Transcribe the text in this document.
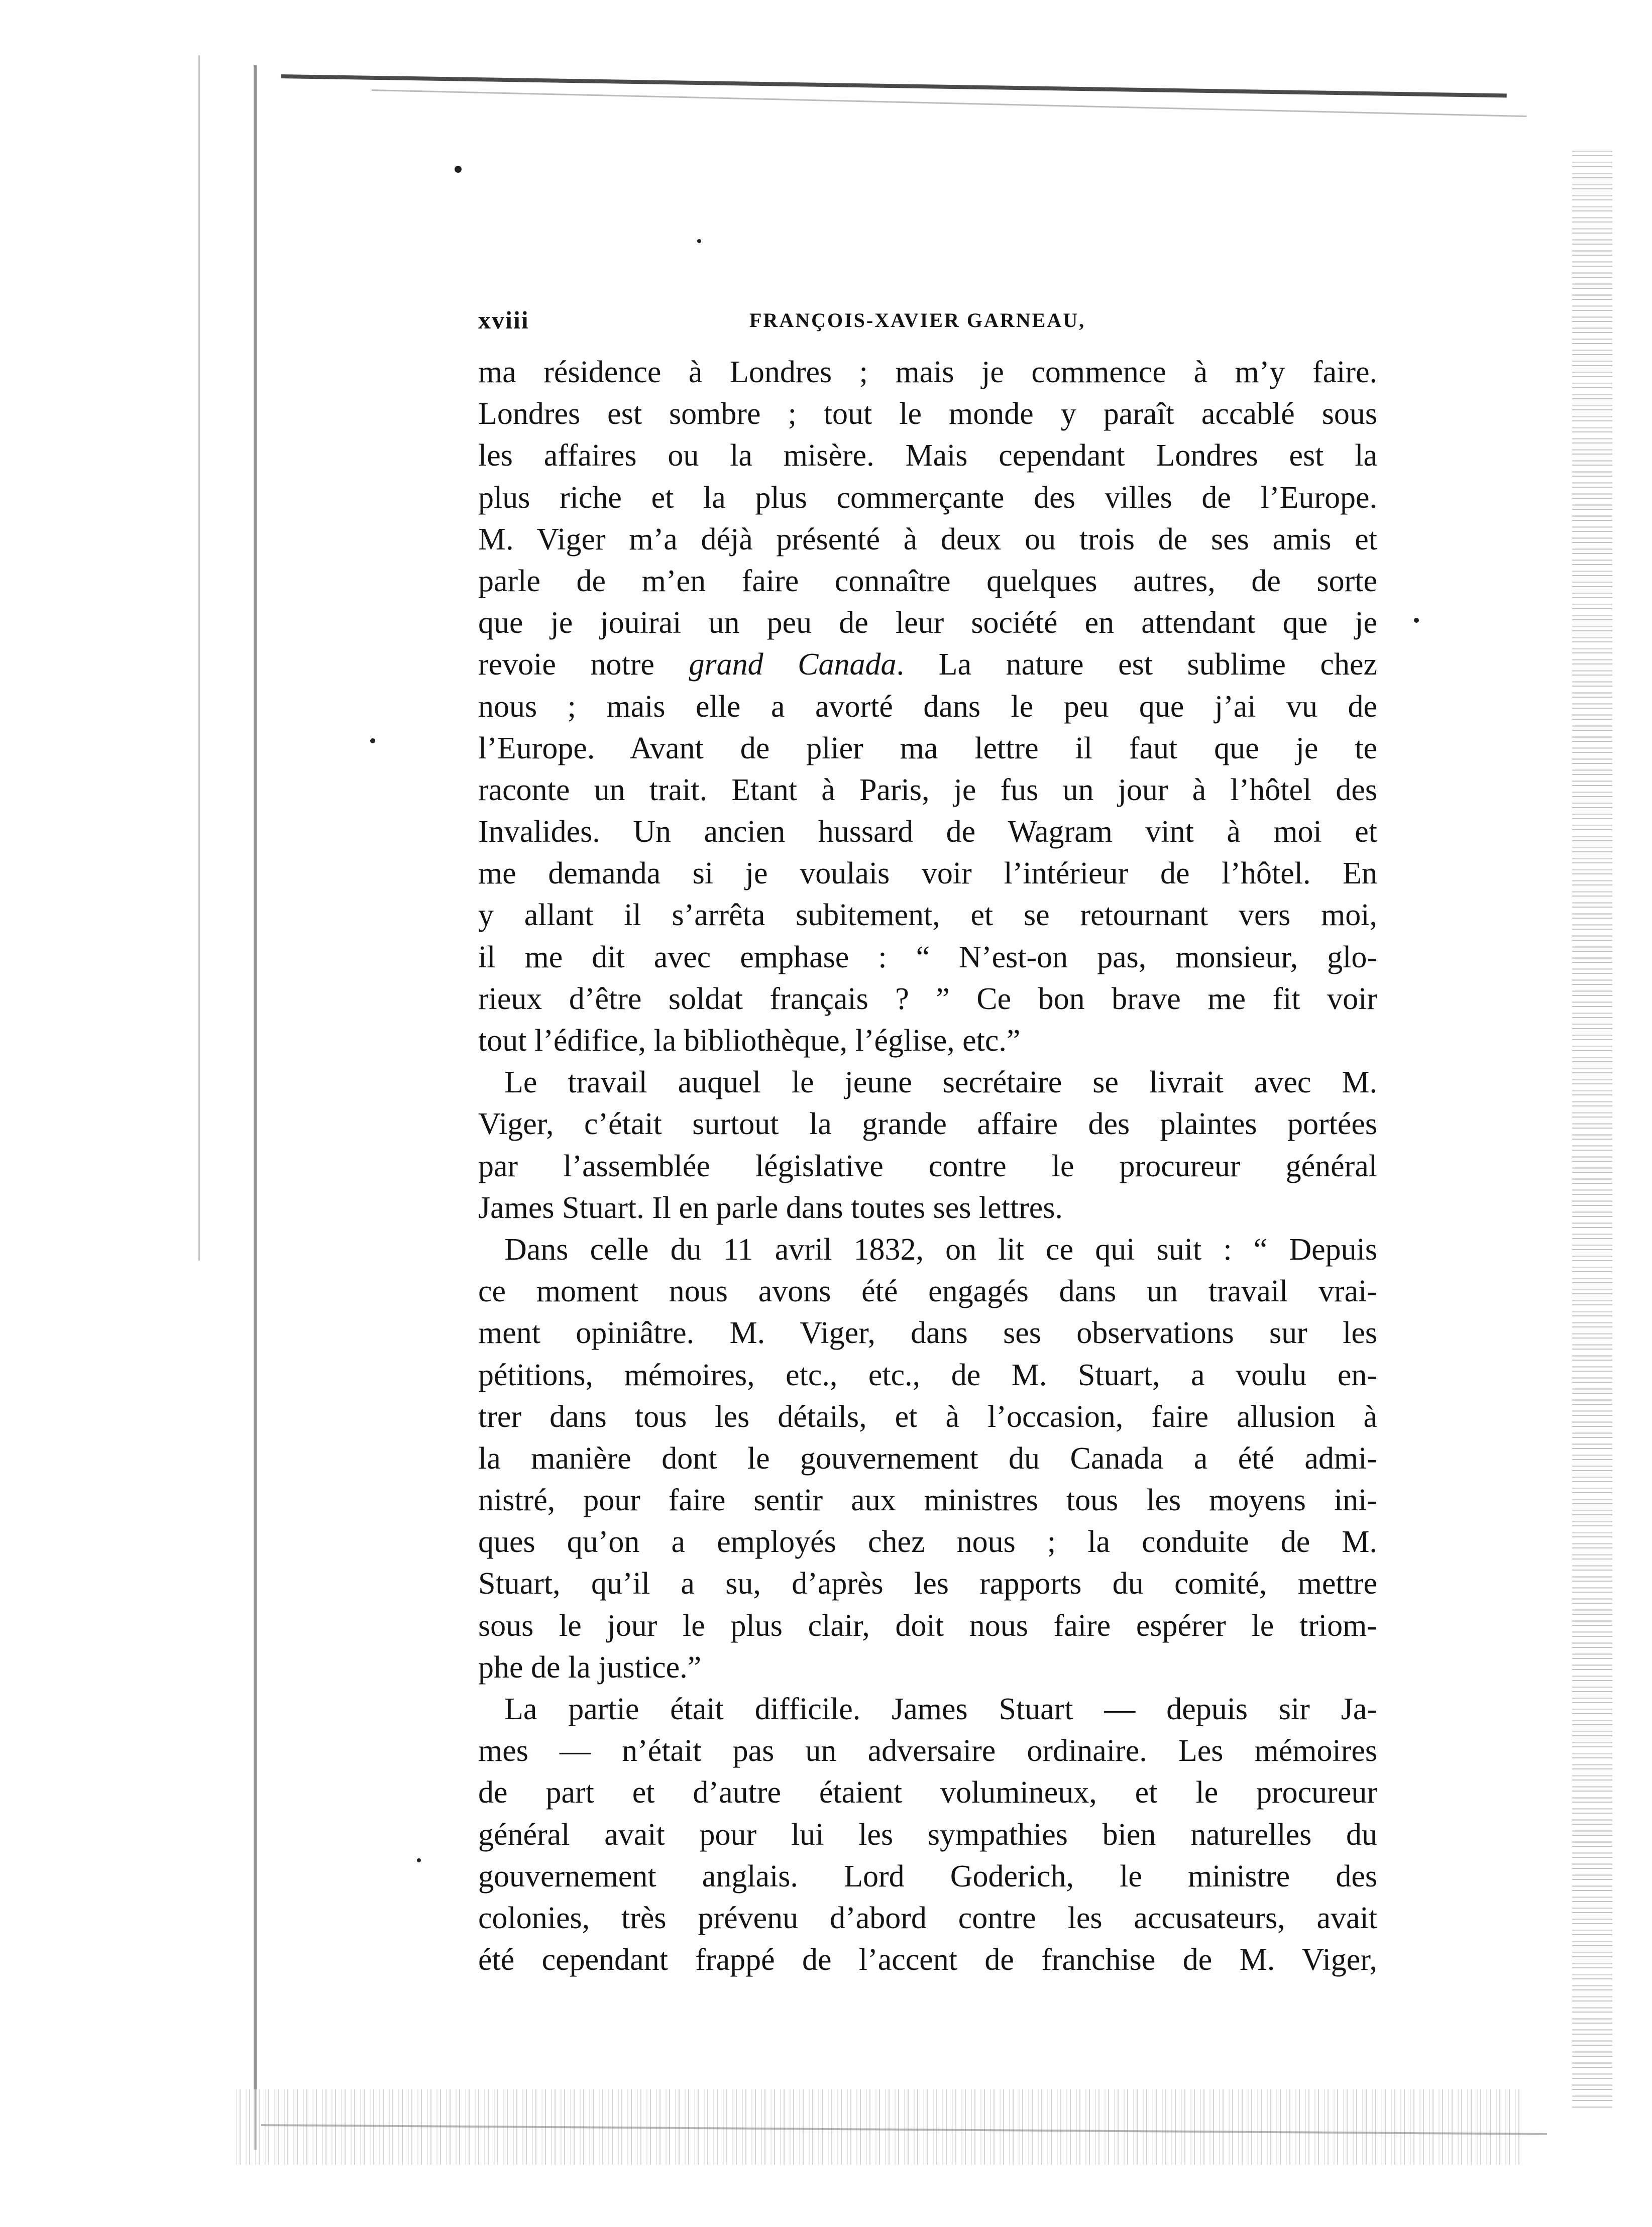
xviii	FRANÇOIS-XAVIER GARNEAU,
ma résidence à Londres ; mais je commence à m’y faire.
Londres est sombre ; tout le monde y paraît accablé sous
les affaires ou la misère. Mais cependant Londres est la
plus riche et la plus commerçante des villes de l’Europe.
M. Viger m’a déjà présenté à deux ou trois de ses amis et
parle de m’en faire connaître quelques autres, de sorte
que je jouirai un peu de leur société en attendant que je
revoie notre grand Canada. La nature est sublime chez
nous ; mais elle a avorté dans le peu que j’ai vu de
l’Europe. Avant de plier ma lettre il faut que je te
raconte un trait. Etant à Paris, je fus un jour à l’hôtel des
Invalides. Un ancien hussard de Wagram vint à moi et
me demanda si je voulais voir l’intérieur de l’hôtel. En
y allant il s’arrêta subitement, et se retournant vers moi,
il me dit avec emphase : “ N’est-on pas, monsieur, glo-
rieux d’être soldat français ? ” Ce bon brave me fit voir
tout l’édifice, la bibliothèque, l’église, etc.”
Le travail auquel le jeune secrétaire se livrait avec M.
Viger, c’était surtout la grande affaire des plaintes portées
par l’assemblée législative contre le procureur général
James Stuart. Il en parle dans toutes ses lettres.
Dans celle du 11 avril 1832, on lit ce qui suit : “ Depuis
ce moment nous avons été engagés dans un travail vrai-
ment opiniâtre. M. Viger, dans ses observations sur les
pétitions, mémoires, etc., etc., de M. Stuart, a voulu en-
trer dans tous les détails, et à l’occasion, faire allusion à
la manière dont le gouvernement du Canada a été admi-
nistré, pour faire sentir aux ministres tous les moyens ini-
ques qu’on a employés chez nous ; la conduite de M.
Stuart, qu’il a su, d’après les rapports du comité, mettre
sous le jour le plus clair, doit nous faire espérer le triom-
phe de la justice.”
La partie était difficile. James Stuart — depuis sir Ja-
mes — n’était pas un adversaire ordinaire. Les mémoires
de part et d’autre étaient volumineux, et le procureur
général avait pour lui les sympathies bien naturelles du
gouvernement anglais. Lord Goderich, le ministre des
colonies, très prévenu d’abord contre les accusateurs, avait
été cependant frappé de l’accent de franchise de M. Viger,
